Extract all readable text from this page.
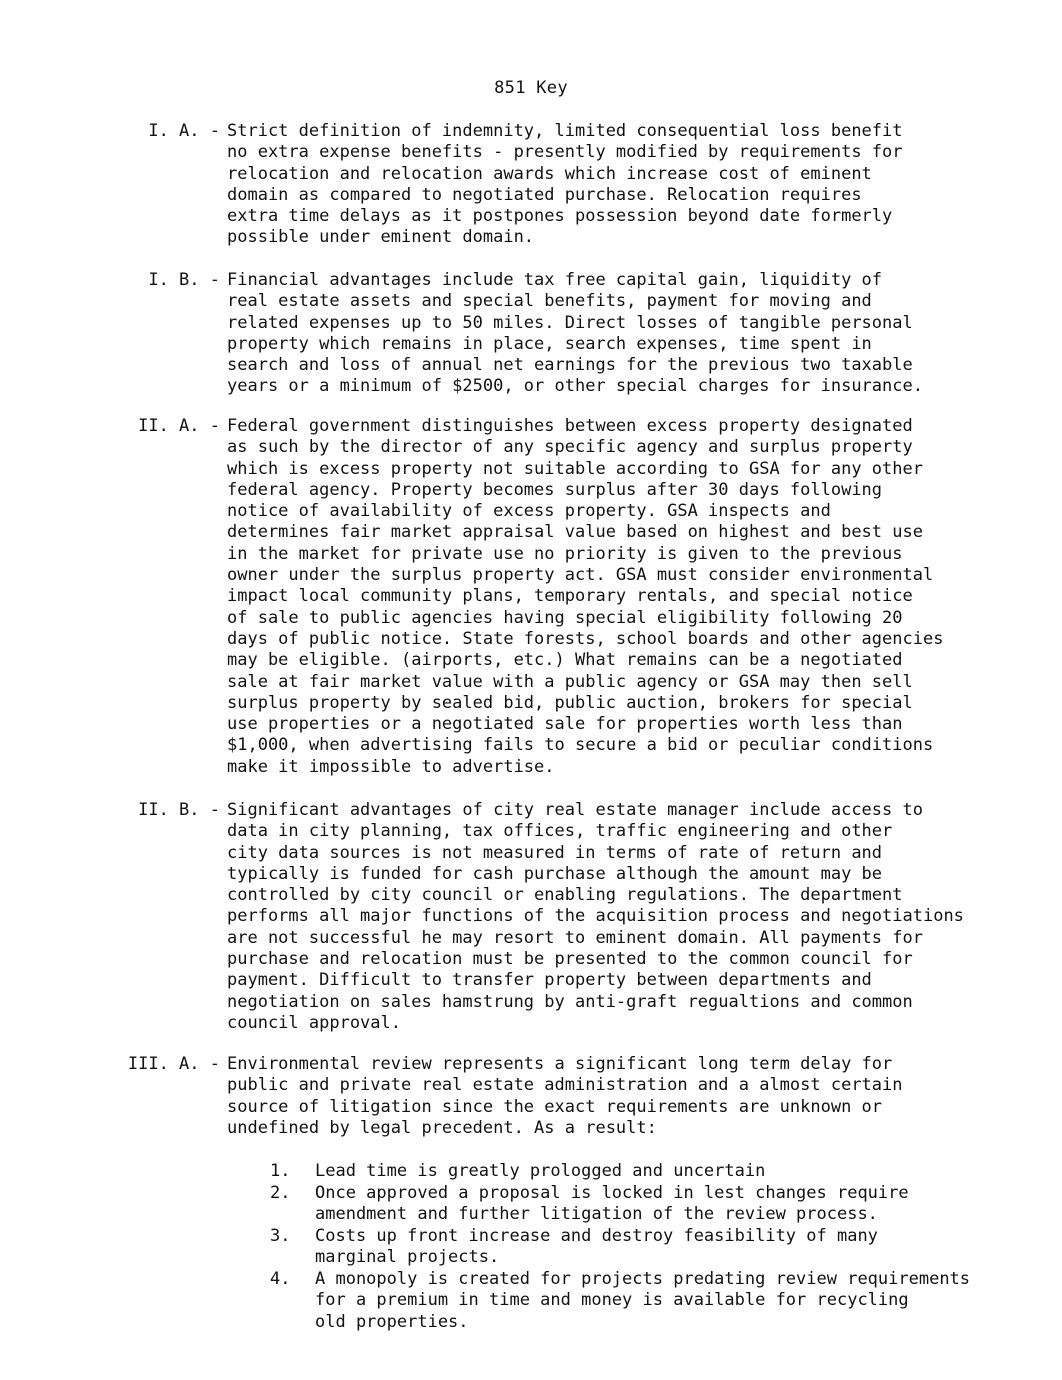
851 Key
I. A. - Strict definition of indemnity, limited consequential loss benefit

no extra expense benefits - presently modified by requirements for

relocation and relocation awards which increase cost of eminent

domain as compared to negotiated purchase. Relocation requires

extra time delays as it postpones possession beyond date formerly

possible under eminent domain.

I. B. - Financial advantages include tax free capital gain, liquidity of

real estate assets and special benefits, payment for moving and

related expenses up to 50 miles. Direct losses of tangible personal

property which remains in place, search expenses, time spent in

search and loss of annual net earnings for the previous two taxable

years or a minimum of $2500, or other special charges for insurance.

II. A. - Federal government distinguishes between excess property designated

as such by the director of any specific agency and surplus property

which is excess property not suitable according to GSA for any other

federal agency. Property becomes surplus after 30 days following

notice of availability of excess property. GSA inspects and

determines fair market appraisal value based on highest and best use

in the market for private use no priority is given to the previous

owner under the surplus property act. GSA must consider environmental

impact local community plans, temporary rentals, and special notice

of sale to public agencies having special eligibility following 20

days of public notice. State forests, school boards and other agencies

may be eligible. (airports, etc.) What remains can be a negotiated

sale at fair market value with a public agency or GSA may then sell

surplus property by sealed bid, public auction, brokers for special

use properties or a negotiated sale for properties worth less than

$1,000, when advertising fails to secure a bid or peculiar conditions

make it impossible to advertise.

II. B. - Significant advantages of city real estate manager include access to

data in city planning, tax offices, traffic engineering and other

city data sources is not measured in terms of rate of return and

typically is funded for cash purchase although the amount may be

controlled by city council or enabling regulations. The department

performs all major functions of the acquisition process and negotiations

are not successful he may resort to eminent domain. All payments for

purchase and relocation must be presented to the common council for

payment. Difficult to transfer property between departments and

negotiation on sales hamstrung by anti-graft regualtions and common

council approval.

III. A. - Environmental review represents a significant long term delay for

public and private real estate administration and a almost certain

source of litigation since the exact requirements are unknown or

undefined by legal precedent. As a result:

1. Lead time is greatly prologged and uncertain

2. Once approved a proposal is locked in lest changes require

amendment and further litigation of the review process.

3. Costs up front increase and destroy feasibility of many

marginal projects.

4. A monopoly is created for projects predating review requirements

for a premium in time and money is available for recycling

old properties.
